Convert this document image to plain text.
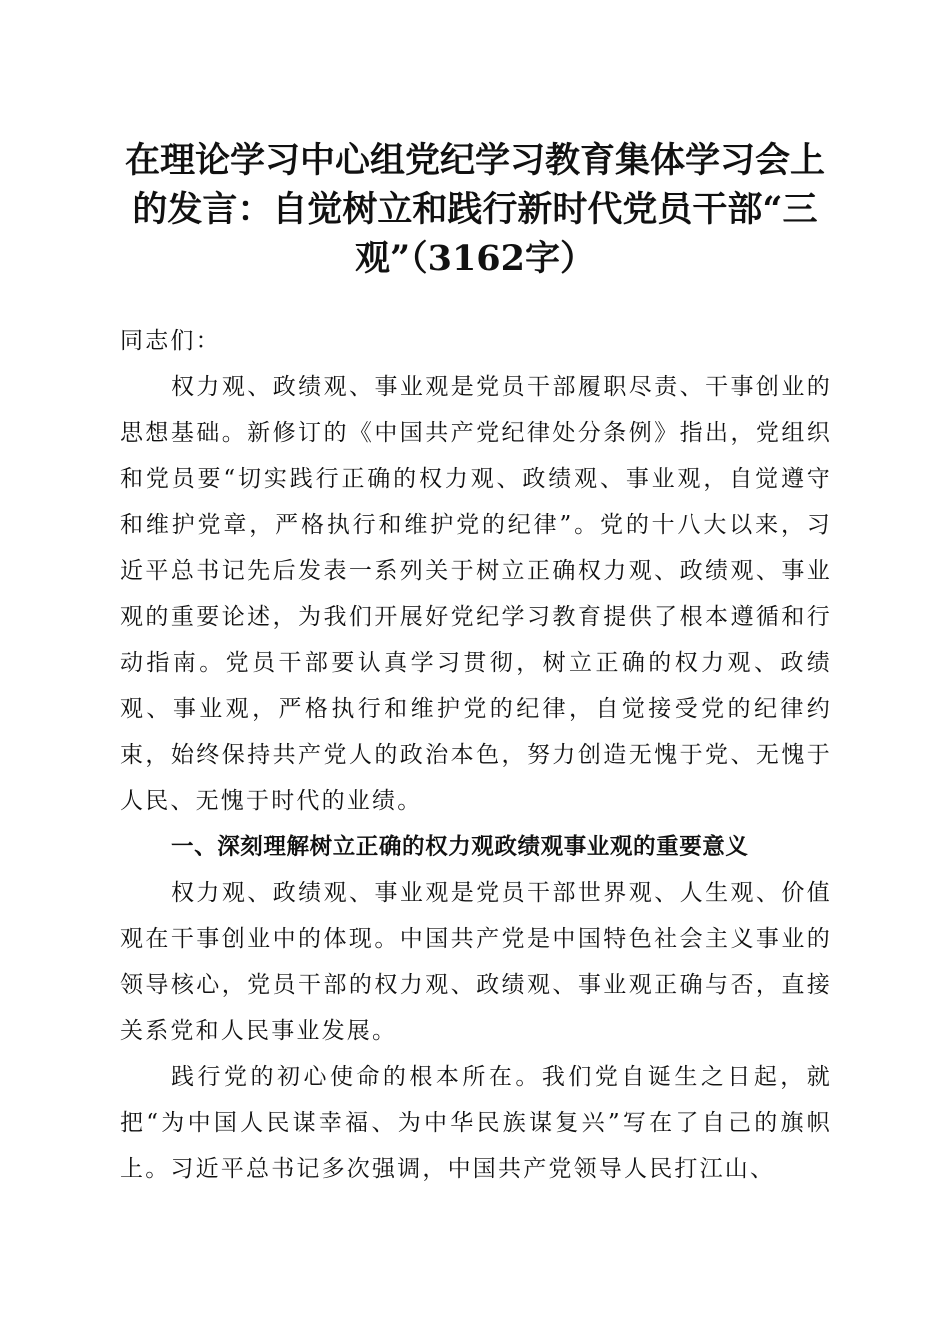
在理论学习中心组党纪学习教育集体学习会上的发言：自觉树立和践行新时代党员干部“三观”（3162字）

同志们：

权力观、政绩观、事业观是党员干部履职尽责、干事创业的思想基础。新修订的《中国共产党纪律处分条例》指出，党组织和党员要“切实践行正确的权力观、政绩观、事业观，自觉遵守和维护党章，严格执行和维护党的纪律”。党的十八大以来，习近平总书记先后发表一系列关于树立正确权力观、政绩观、事业观的重要论述，为我们开展好党纪学习教育提供了根本遵循和行动指南。党员干部要认真学习贯彻，树立正确的权力观、政绩观、事业观，严格执行和维护党的纪律，自觉接受党的纪律约束，始终保持共产党人的政治本色，努力创造无愧于党、无愧于人民、无愧于时代的业绩。

一、深刻理解树立正确的权力观政绩观事业观的重要意义

权力观、政绩观、事业观是党员干部世界观、人生观、价值观在干事创业中的体现。中国共产党是中国特色社会主义事业的领导核心，党员干部的权力观、政绩观、事业观正确与否，直接关系党和人民事业发展。

践行党的初心使命的根本所在。我们党自诞生之日起，就把“为中国人民谋幸福、为中华民族谋复兴”写在了自己的旗帜上。习近平总书记多次强调，中国共产党领导人民打江山、
